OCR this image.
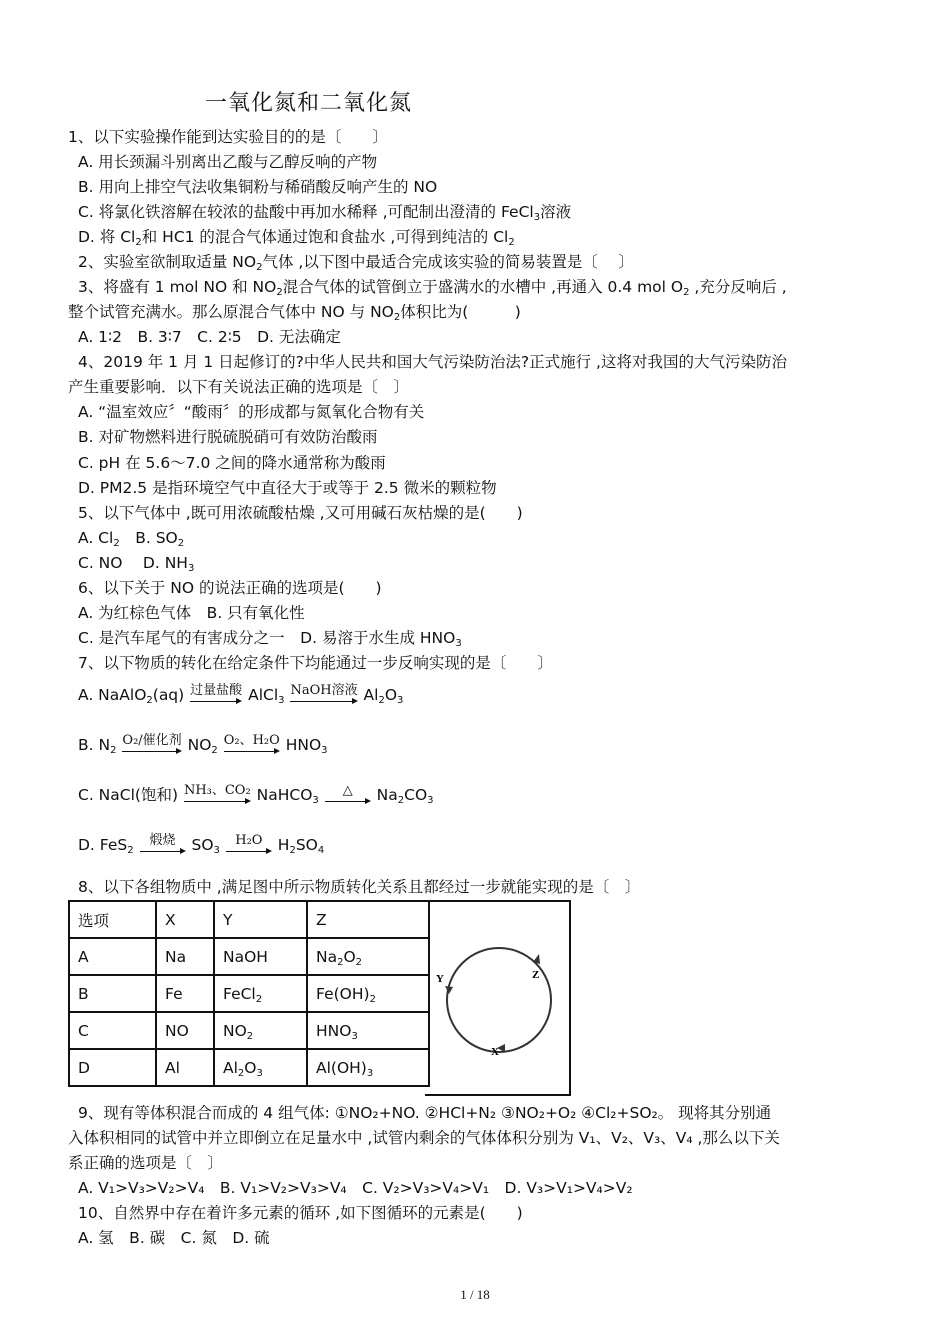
一氧化氮和二氧化氮
1、以下实验操作能到达实验目的的是〔　　〕
A. 用长颈漏斗别离出乙酸与乙醇反响的产物
B. 用向上排空气法收集铜粉与稀硝酸反响产生的 NO
C. 将氯化铁溶解在较浓的盐酸中再加水稀释 ,可配制出澄清的 FeCl$_3$溶液
D. 将 $Cl_2$和 HC1 的混合气体通过饱和食盐水 ,可得到纯洁的 $Cl_2$
2、实验室欲制取适量 $NO_2$气体 ,以下图中最适合完成该实验的简易装置是〔　 〕
3、将盛有 1 mol NO 和 $NO_2$混合气体的试管倒立于盛满水的水槽中 ,再通入 0.4 mol $O_2$ ,充分反响后 ,
整个试管充满水。那么原混合气体中 NO 与 $NO_2$体积比为(　　　)
A. 1∶2　B. 3∶7　C. 2∶5　D. 无法确定
4、2019 年 1 月 1 日起修订的?中华人民共和国大气污染防治法?正式施行 ,这将对我国的大气污染防治
产生重要影响．以下有关说法正确的选项是〔　〕
A. “温室效应〞“酸雨〞的形成都与氮氧化合物有关
B. 对矿物燃料进行脱硫脱硝可有效防治酸雨
C. pH 在 5.6～7.0 之间的降水通常称为酸雨
D. PM2.5 是指环境空气中直径大于或等于 2.5 微米的颗粒物
5、以下气体中 ,既可用浓硫酸枯燥 ,又可用碱石灰枯燥的是(　　)
A. $Cl_2$　B. $SO_2$
C. NO　 D. $NH_3$
6、以下关于 NO 的说法正确的选项是(　　)
A. 为红棕色气体　B. 只有氧化性
C. 是汽车尾气的有害成分之一　D. 易溶于水生成 $HNO_3$
7、以下物质的转化在给定条件下均能通过一步反响实现的是〔　　〕
A. NaAlO$_2$(aq) 过量盐酸 AlCl$_3$
NaOH溶液 $Al_2O_3$
B. $N_2$
O₂/催化剂 $NO_2$
O₂、H₂O $HNO_3$
C. NaCl(饱和) NH₃、CO₂ NaHCO$_3$
△ $Na_2CO_3$
D. FeS$_2$
煅烧 $SO_3$
H₂O $H_2SO_4$
8、以下各组物质中 ,满足图中所示物质转化关系且都经过一步就能实现的是〔　〕
选项	X	Y	Z
A	Na	NaOH	$Na_2O_2$
B	Fe	FeCl$_2$	$Fe(OH)_2$
C	NO	$NO_2$	$HNO_3$
D	Al	$Al_2O_3$	$Al(OH)_3$
Y	Z
X
9、现有等体积混合而成的 4 组气体: ①NO₂+NO. ②HCl+N₂ ③NO₂+O₂ ④Cl₂+SO₂。 现将其分别通
入体积相同的试管中并立即倒立在足量水中 ,试管内剩余的气体体积分别为 V₁、V₂、V₃、V₄ ,那么以下关
系正确的选项是〔　〕
A. V₁>V₃>V₂>V₄　B. V₁>V₂>V₃>V₄　C. V₂>V₃>V₄>V₁　D. V₃>V₁>V₄>V₂
10、自然界中存在着许多元素的循环 ,如下图循环的元素是(　　)
A. 氢　B. 碳　C. 氮　D. 硫
1 / 18
